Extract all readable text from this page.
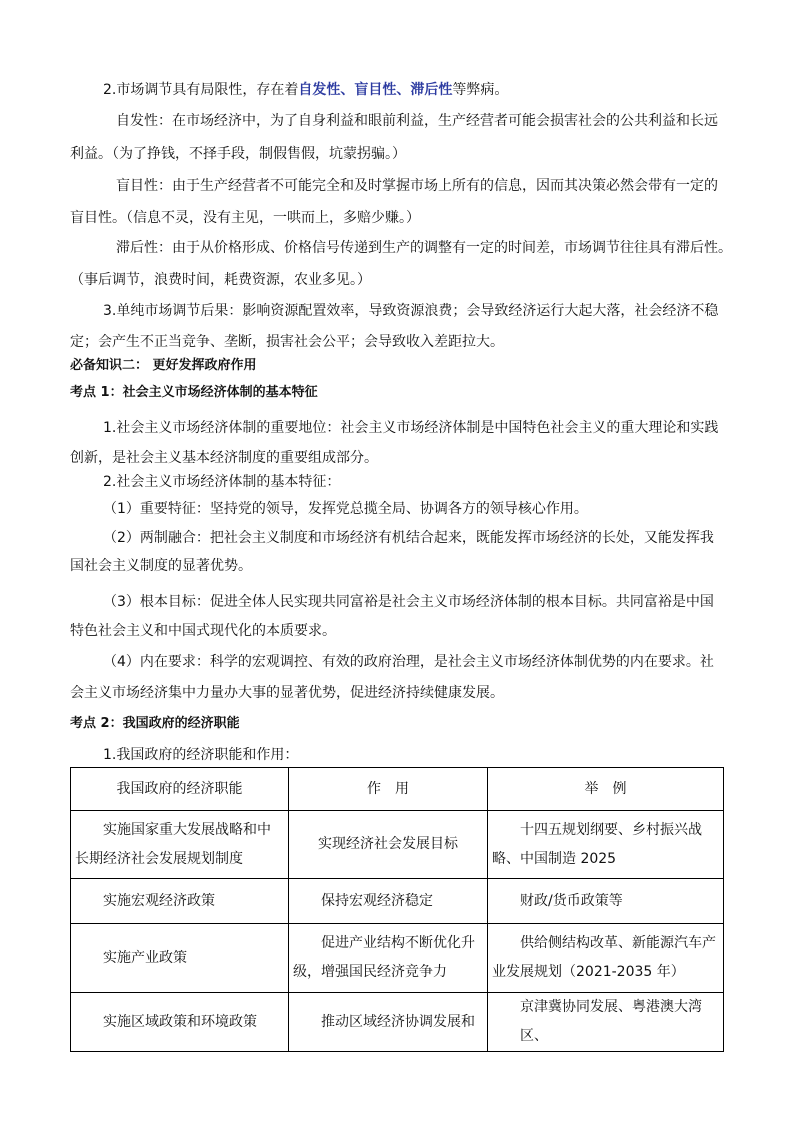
2.市场调节具有局限性，存在着自发性、盲目性、滞后性等弊病。
自发性：在市场经济中，为了自身利益和眼前利益，生产经营者可能会损害社会的公共利益和长远
利益。（为了挣钱，不择手段，制假售假，坑蒙拐骗。）
盲目性：由于生产经营者不可能完全和及时掌握市场上所有的信息，因而其决策必然会带有一定的
盲目性。（信息不灵，没有主见，一哄而上，多赔少赚。）
滞后性：由于从价格形成、价格信号传递到生产的调整有一定的时间差，市场调节往往具有滞后性。
（事后调节，浪费时间，耗费资源，农业多见。）
3.单纯市场调节后果：影响资源配置效率，导致资源浪费；会导致经济运行大起大落，社会经济不稳
定；会产生不正当竞争、垄断，损害社会公平；会导致收入差距拉大。
必备知识二： 更好发挥政府作用
考点 1：社会主义市场经济体制的基本特征
1.社会主义市场经济体制的重要地位：社会主义市场经济体制是中国特色社会主义的重大理论和实践
创新，是社会主义基本经济制度的重要组成部分。
2.社会主义市场经济体制的基本特征：
（1）重要特征：坚持党的领导，发挥党总揽全局、协调各方的领导核心作用。
（2）两制融合：把社会主义制度和市场经济有机结合起来，既能发挥市场经济的长处，又能发挥我
国社会主义制度的显著优势。
（3）根本目标：促进全体人民实现共同富裕是社会主义市场经济体制的根本目标。共同富裕是中国
特色社会主义和中国式现代化的本质要求。
（4）内在要求：科学的宏观调控、有效的政府治理，是社会主义市场经济体制优势的内在要求。社
会主义市场经济集中力量办大事的显著优势，促进经济持续健康发展。
考点 2：我国政府的经济职能
1.我国政府的经济职能和作用：
我国政府的经济职能	作　用	举　例
实施国家重大发展战略和中长期经济社会发展规划制度	实现经济社会发展目标	十四五规划纲要、乡村振兴战略、中国制造 2025
实施宏观经济政策	保持宏观经济稳定	财政/货币政策等
实施产业政策	促进产业结构不断优化升级，增强国民经济竞争力	供给侧结构改革、新能源汽车产业发展规划（2021-2035 年）
实施区域政策和环境政策	推动区域经济协调发展和	京津冀协同发展、粤港澳大湾区、
